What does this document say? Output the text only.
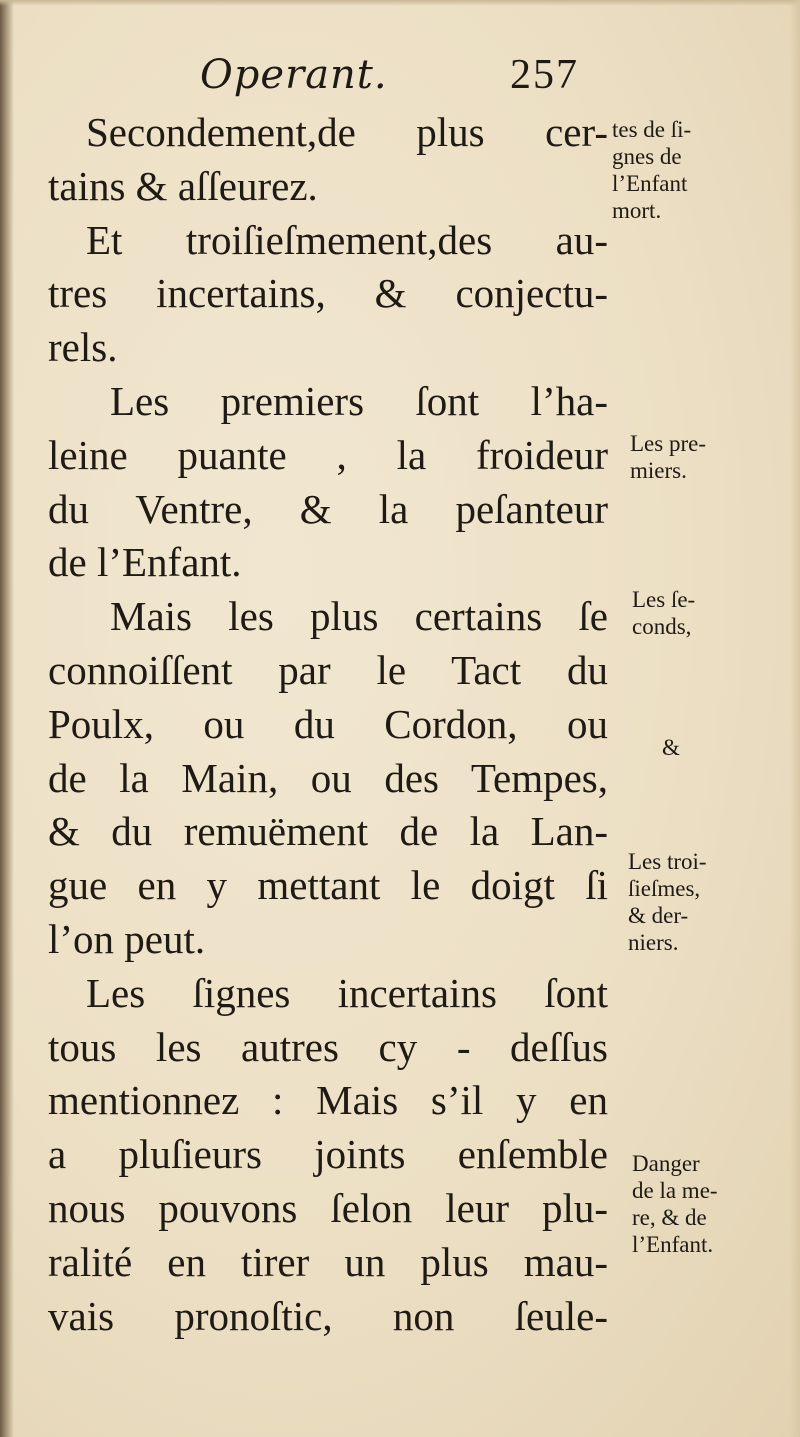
Operant.	257
Secondement,de plus cer-
tains & aſſeurez.
Et troiſieſmement,des au-
tres incertains, & conjectu-
rels.
Les premiers ſont l’ha-
leine puante , la froideur
du Ventre, & la peſanteur
de l’Enfant.
Mais les plus certains ſe
connoiſſent par le Tact du
Poulx, ou du Cordon, ou
de la Main, ou des Tempes,
& du remuëment de la Lan-
gue en y mettant le doigt ſi
l’on peut.
Les ſignes incertains ſont
tous les autres cy - deſſus
mentionnez : Mais s’il y en
a pluſieurs joints enſemble
nous pouvons ſelon leur plu-
ralité en tirer un plus mau-
vais pronoſtic, non ſeule-
tes de ſi-
gnes de
l’Enfant
mort.
Les pre-
miers.
Les ſe-
conds,
&
Les troi-
ſieſmes,
& der-
niers.
Danger
de la me-
re, & de
l’Enfant.
